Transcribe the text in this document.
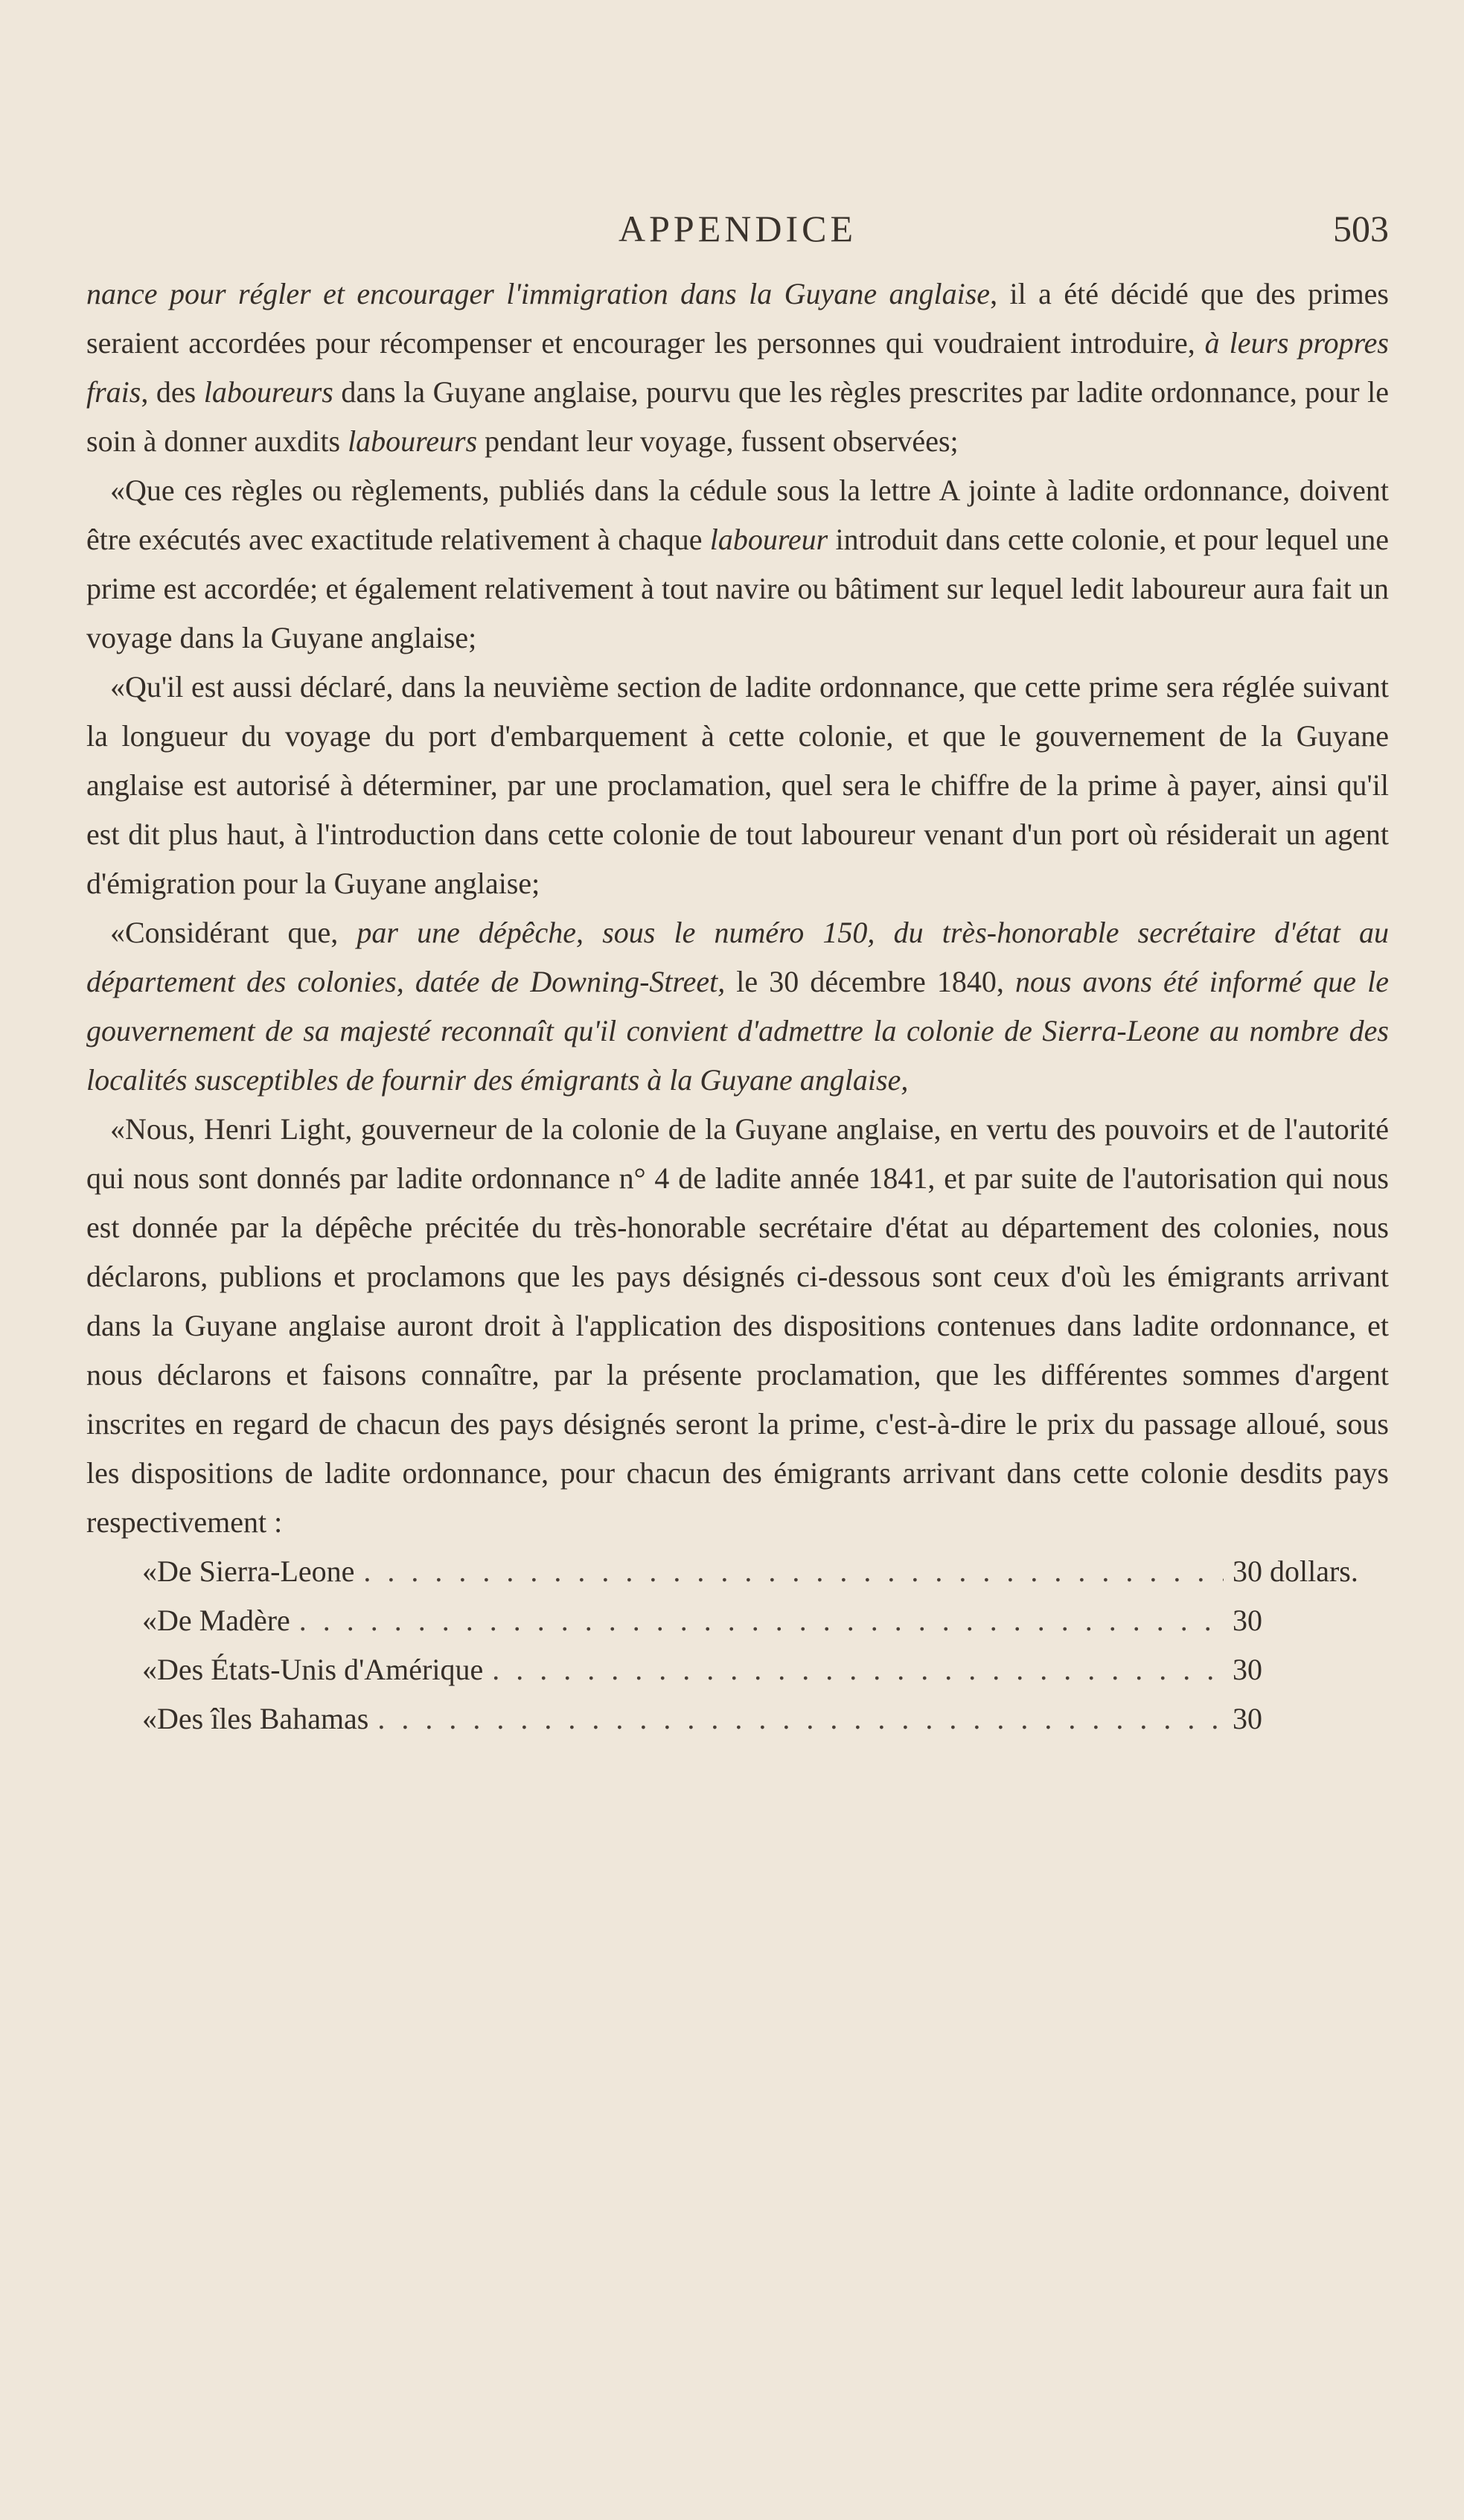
APPENDICE	503

nance pour régler et encourager l'immigration dans la Guyane anglaise, il a été décidé que des primes seraient accordées pour récompenser et encourager les personnes qui voudraient introduire, à leurs propres frais, des laboureurs dans la Guyane anglaise, pourvu que les règles prescrites par ladite ordonnance, pour le soin à donner auxdits laboureurs pendant leur voyage, fussent observées;

«Que ces règles ou règlements, publiés dans la cédule sous la lettre A jointe à ladite ordonnance, doivent être exécutés avec exactitude relativement à chaque laboureur introduit dans cette colonie, et pour lequel une prime est accordée; et également relativement à tout navire ou bâtiment sur lequel ledit laboureur aura fait un voyage dans la Guyane anglaise;

«Qu'il est aussi déclaré, dans la neuvième section de ladite ordonnance, que cette prime sera réglée suivant la longueur du voyage du port d'embarquement à cette colonie, et que le gouvernement de la Guyane anglaise est autorisé à déterminer, par une proclamation, quel sera le chiffre de la prime à payer, ainsi qu'il est dit plus haut, à l'introduction dans cette colonie de tout laboureur venant d'un port où résiderait un agent d'émigration pour la Guyane anglaise;

«Considérant que, par une dépêche, sous le numéro 150, du très-honorable secrétaire d'état au département des colonies, datée de Downing-Street, le 30 décembre 1840, nous avons été informé que le gouvernement de sa majesté reconnaît qu'il convient d'admettre la colonie de Sierra-Leone au nombre des localités susceptibles de fournir des émigrants à la Guyane anglaise,

«Nous, Henri Light, gouverneur de la colonie de la Guyane anglaise, en vertu des pouvoirs et de l'autorité qui nous sont donnés par ladite ordonnance n° 4 de ladite année 1841, et par suite de l'autorisation qui nous est donnée par la dépêche précitée du très-honorable secrétaire d'état au département des colonies, nous déclarons, publions et proclamons que les pays désignés ci-dessous sont ceux d'où les émigrants arrivant dans la Guyane anglaise auront droit à l'application des dispositions contenues dans ladite ordonnance, et nous déclarons et faisons connaître, par la présente proclamation, que les différentes sommes d'argent inscrites en regard de chacun des pays désignés seront la prime, c'est-à-dire le prix du passage alloué, sous les dispositions de ladite ordonnance, pour chacun des émigrants arrivant dans cette colonie desdits pays respectivement :

«De Sierra-Leone . . .	30 dollars.
«De Madère . . .	30
«Des États-Unis d'Amérique . . .	30
«Des îles Bahamas . . .	30
